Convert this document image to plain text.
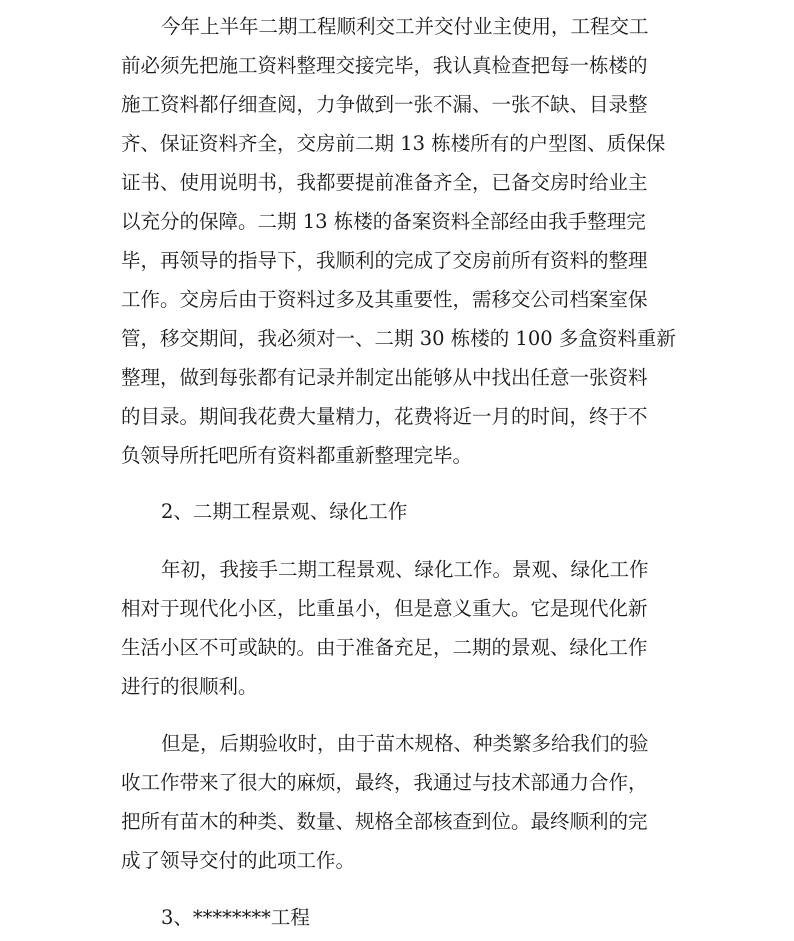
今年上半年二期工程顺利交工并交付业主使用，工程交工
前必须先把施工资料整理交接完毕，我认真检查把每一栋楼的
施工资料都仔细查阅，力争做到一张不漏、一张不缺、目录整
齐、保证资料齐全，交房前二期 13 栋楼所有的户型图、质保保
证书、使用说明书，我都要提前准备齐全，已备交房时给业主
以充分的保障。二期 13 栋楼的备案资料全部经由我手整理完
毕，再领导的指导下，我顺利的完成了交房前所有资料的整理
工作。交房后由于资料过多及其重要性，需移交公司档案室保
管，移交期间，我必须对一、二期 30 栋楼的 100 多盒资料重新
整理，做到每张都有记录并制定出能够从中找出任意一张资料
的目录。期间我花费大量精力，花费将近一月的时间，终于不
负领导所托吧所有资料都重新整理完毕。
2、二期工程景观、绿化工作
年初，我接手二期工程景观、绿化工作。景观、绿化工作
相对于现代化小区，比重虽小，但是意义重大。它是现代化新
生活小区不可或缺的。由于准备充足，二期的景观、绿化工作
进行的很顺利。
但是，后期验收时，由于苗木规格、种类繁多给我们的验
收工作带来了很大的麻烦，最终，我通过与技术部通力合作，
把所有苗木的种类、数量、规格全部核查到位。最终顺利的完
成了领导交付的此项工作。
3、********工程
